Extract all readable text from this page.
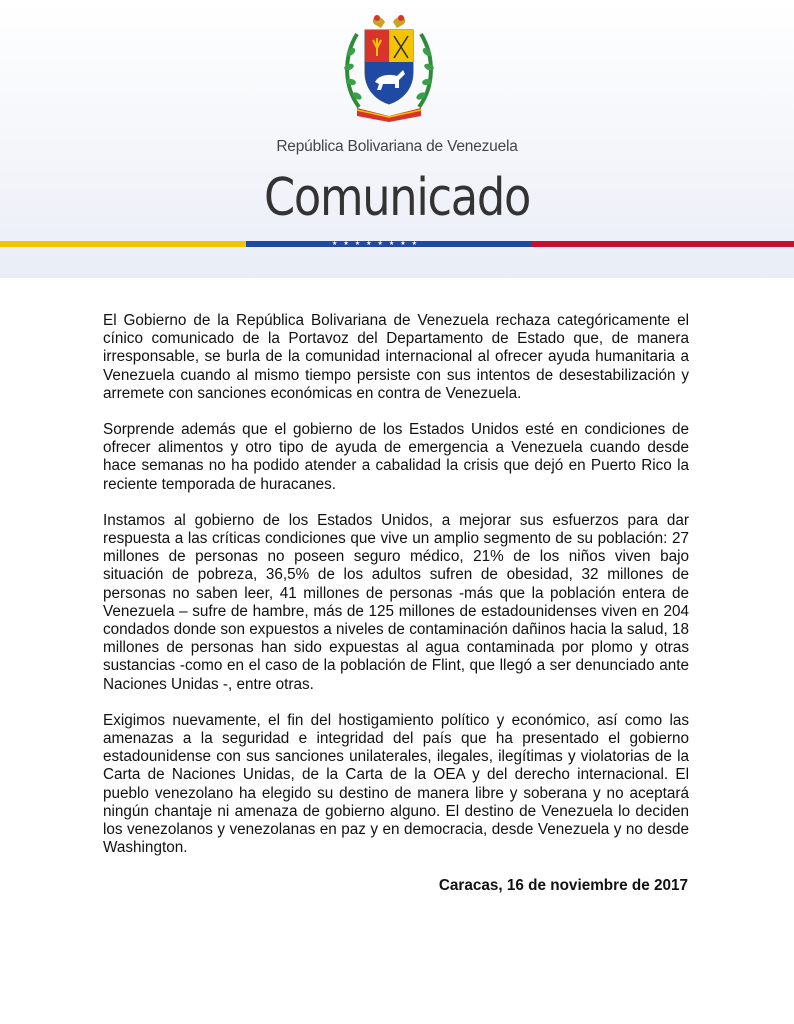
República Bolivariana de Venezuela
Comunicado
★★★★★★★★

El Gobierno de la República Bolivariana de Venezuela rechaza categóricamente el cínico comunicado de la Portavoz del Departamento de Estado que, de manera irresponsable, se burla de la comunidad internacional al ofrecer ayuda humanitaria a Venezuela cuando al mismo tiempo persiste con sus intentos de desestabilización y arremete con sanciones económicas en contra de Venezuela.

Sorprende además que el gobierno de los Estados Unidos esté en condiciones de ofrecer alimentos y otro tipo de ayuda de emergencia a Venezuela cuando desde hace semanas no ha podido atender a cabalidad la crisis que dejó en Puerto Rico la reciente temporada de huracanes.

Instamos al gobierno de los Estados Unidos, a mejorar sus esfuerzos para dar respuesta a las críticas condiciones que vive un amplio segmento de su población: 27 millones de personas no poseen seguro médico, 21% de los niños viven bajo situación de pobreza, 36,5% de los adultos sufren de obesidad, 32 millones de personas no saben leer, 41 millones de personas -más que la población entera de Venezuela – sufre de hambre, más de 125 millones de estadounidenses viven en 204 condados donde son expuestos a niveles de contaminación dañinos hacia la salud, 18 millones de personas han sido expuestas al agua contaminada por plomo y otras sustancias -como en el caso de la población de Flint, que llegó a ser denunciado ante Naciones Unidas -, entre otras.

Exigimos nuevamente, el fin del hostigamiento político y económico, así como las amenazas a la seguridad e integridad del país que ha presentado el gobierno estadounidense con sus sanciones unilaterales, ilegales, ilegítimas y violatorias de la Carta de Naciones Unidas, de la Carta de la OEA y del derecho internacional. El pueblo venezolano ha elegido su destino de manera libre y soberana y no aceptará ningún chantaje ni amenaza de gobierno alguno. El destino de Venezuela lo deciden los venezolanos y venezolanas en paz y en democracia, desde Venezuela y no desde Washington.

Caracas, 16 de noviembre de 2017
